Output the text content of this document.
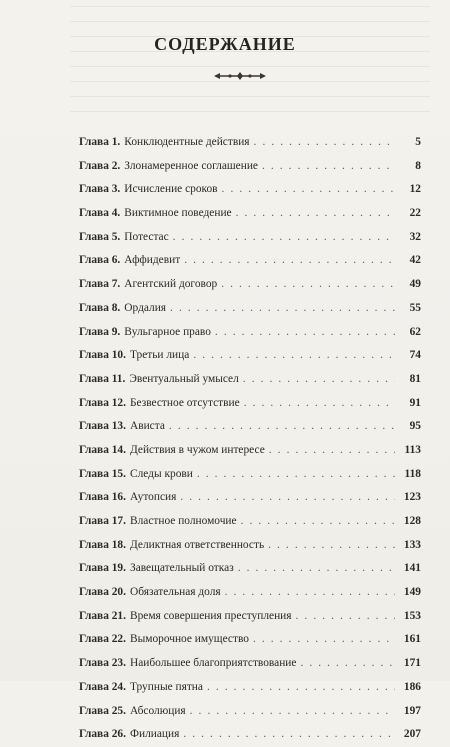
СОДЕРЖАНИЕ
Глава 1. Конклюдентные действия . . .	5
Глава 2. Злонамеренное соглашение . . .	8
Глава 3. Исчисление сроков . . .	12
Глава 4. Виктимное поведение . . .	22
Глава 5. Потестас . . .	32
Глава 6. Аффидевит . . .	42
Глава 7. Агентский договор . . .	49
Глава 8. Ордалия . . .	55
Глава 9. Вульгарное право . . .	62
Глава 10. Третьи лица . . .	74
Глава 11. Эвентуальный умысел . . .	81
Глава 12. Безвестное отсутствие . . .	91
Глава 13. Ависта . . .	95
Глава 14. Действия в чужом интересе . . .	113
Глава 15. Следы крови . . .	118
Глава 16. Аутопсия . . .	123
Глава 17. Властное полномочие . . .	128
Глава 18. Деликтная ответственность . . .	133
Глава 19. Завещательный отказ . . .	141
Глава 20. Обязательная доля . . .	149
Глава 21. Время совершения преступления . . .	153
Глава 22. Выморочное имущество . . .	161
Глава 23. Наибольшее благоприятствование . . .	171
Глава 24. Трупные пятна . . .	186
Глава 25. Абсолюция . . .	197
Глава 26. Филиация . . .	207
